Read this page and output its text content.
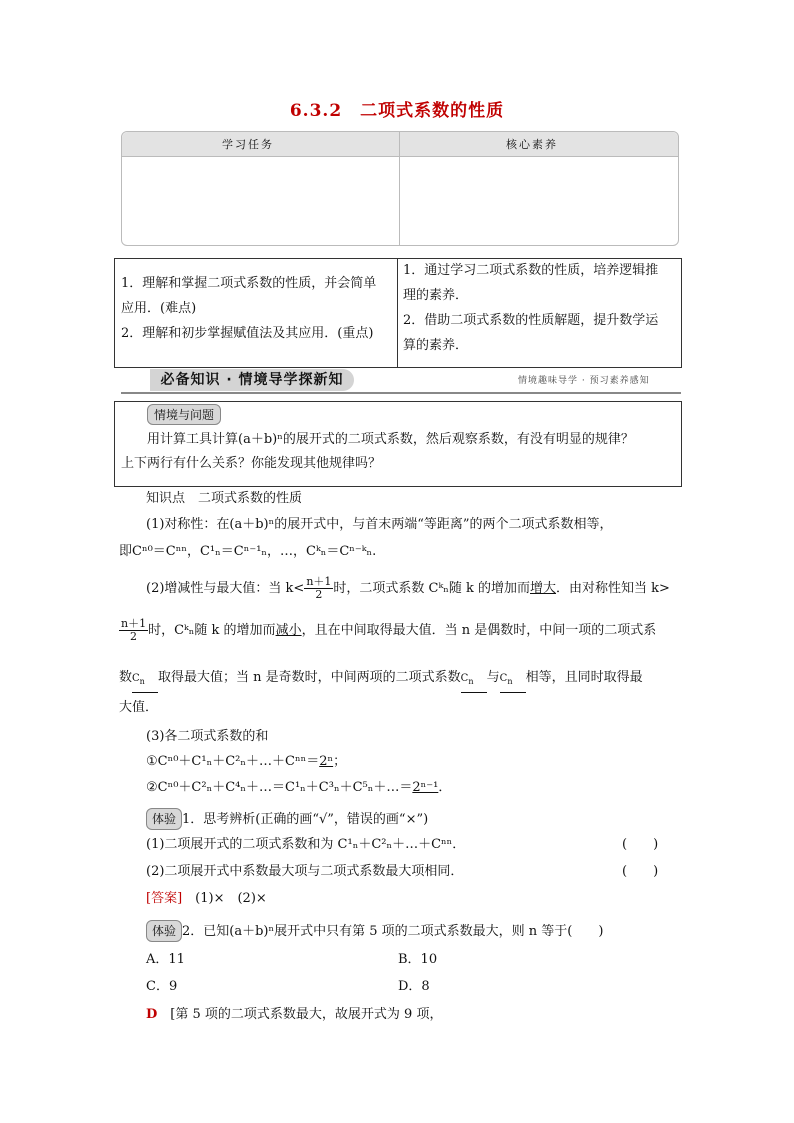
6.3.2　二项式系数的性质
学习任务	核心素养
1．理解和掌握二项式系数的性质，并会简单
应用．(难点)
2．理解和初步掌握赋值法及其应用．(重点)
1．通过学习二项式系数的性质，培养逻辑推
理的素养．
2．借助二项式系数的性质解题，提升数学运
算的素养．
必备知识 · 情境导学探新知	情境趣味导学 · 预习素养感知
情境与问题
用计算工具计算(a＋b)ⁿ的展开式的二项式系数，然后观察系数，有没有明显的规律？
上下两行有什么关系？你能发现其他规律吗？
知识点　二项式系数的性质
(1)对称性：在(a＋b)ⁿ的展开式中，与首末两端“等距离”的两个二项式系数相等，
即Cⁿ⁰＝Cⁿⁿ，C¹ₙ＝Cⁿ⁻¹ₙ，…，Cᵏₙ＝Cⁿ⁻ᵏₙ.
(2)增减性与最大值：当 $k< \frac{n+1}{2}$ 时，二项式系数 Cᵏₙ随 k 的增加而增大．由对称性知当 k>
$\frac{n+1}{2}$ 时，Cᵏₙ随 k 的增加而减小，且在中间取得最大值．当 n 是偶数时，中间一项的二项式系
数$C_n$ 取得最大值；当 n 是奇数时，中间两项的二项式系数$C_n$ 与$C_n$ 相等，且同时取得最
大值．
(3)各二项式系数的和
①Cⁿ⁰＋C¹ₙ＋C²ₙ＋…＋Cⁿⁿ＝2ⁿ；
②Cⁿ⁰＋C²ₙ＋C⁴ₙ＋…＝C¹ₙ＋C³ₙ＋C⁵ₙ＋…＝2ⁿ⁻¹．
体验 1．思考辨析(正确的画“√”，错误的画“×”)
(1)二项展开式的二项式系数和为 C¹ₙ＋C²ₙ＋…＋Cⁿⁿ．	(　　)
(2)二项展开式中系数最大项与二项式系数最大项相同．	(　　)
[答案]　 (1)×　(2)×
体验 2．已知(a＋b)ⁿ展开式中只有第 5 项的二项式系数最大，则 n 等于(　　)
A．11	B．10
C．9	D．8
D　 [第 5 项的二项式系数最大，故展开式为 9 项，
